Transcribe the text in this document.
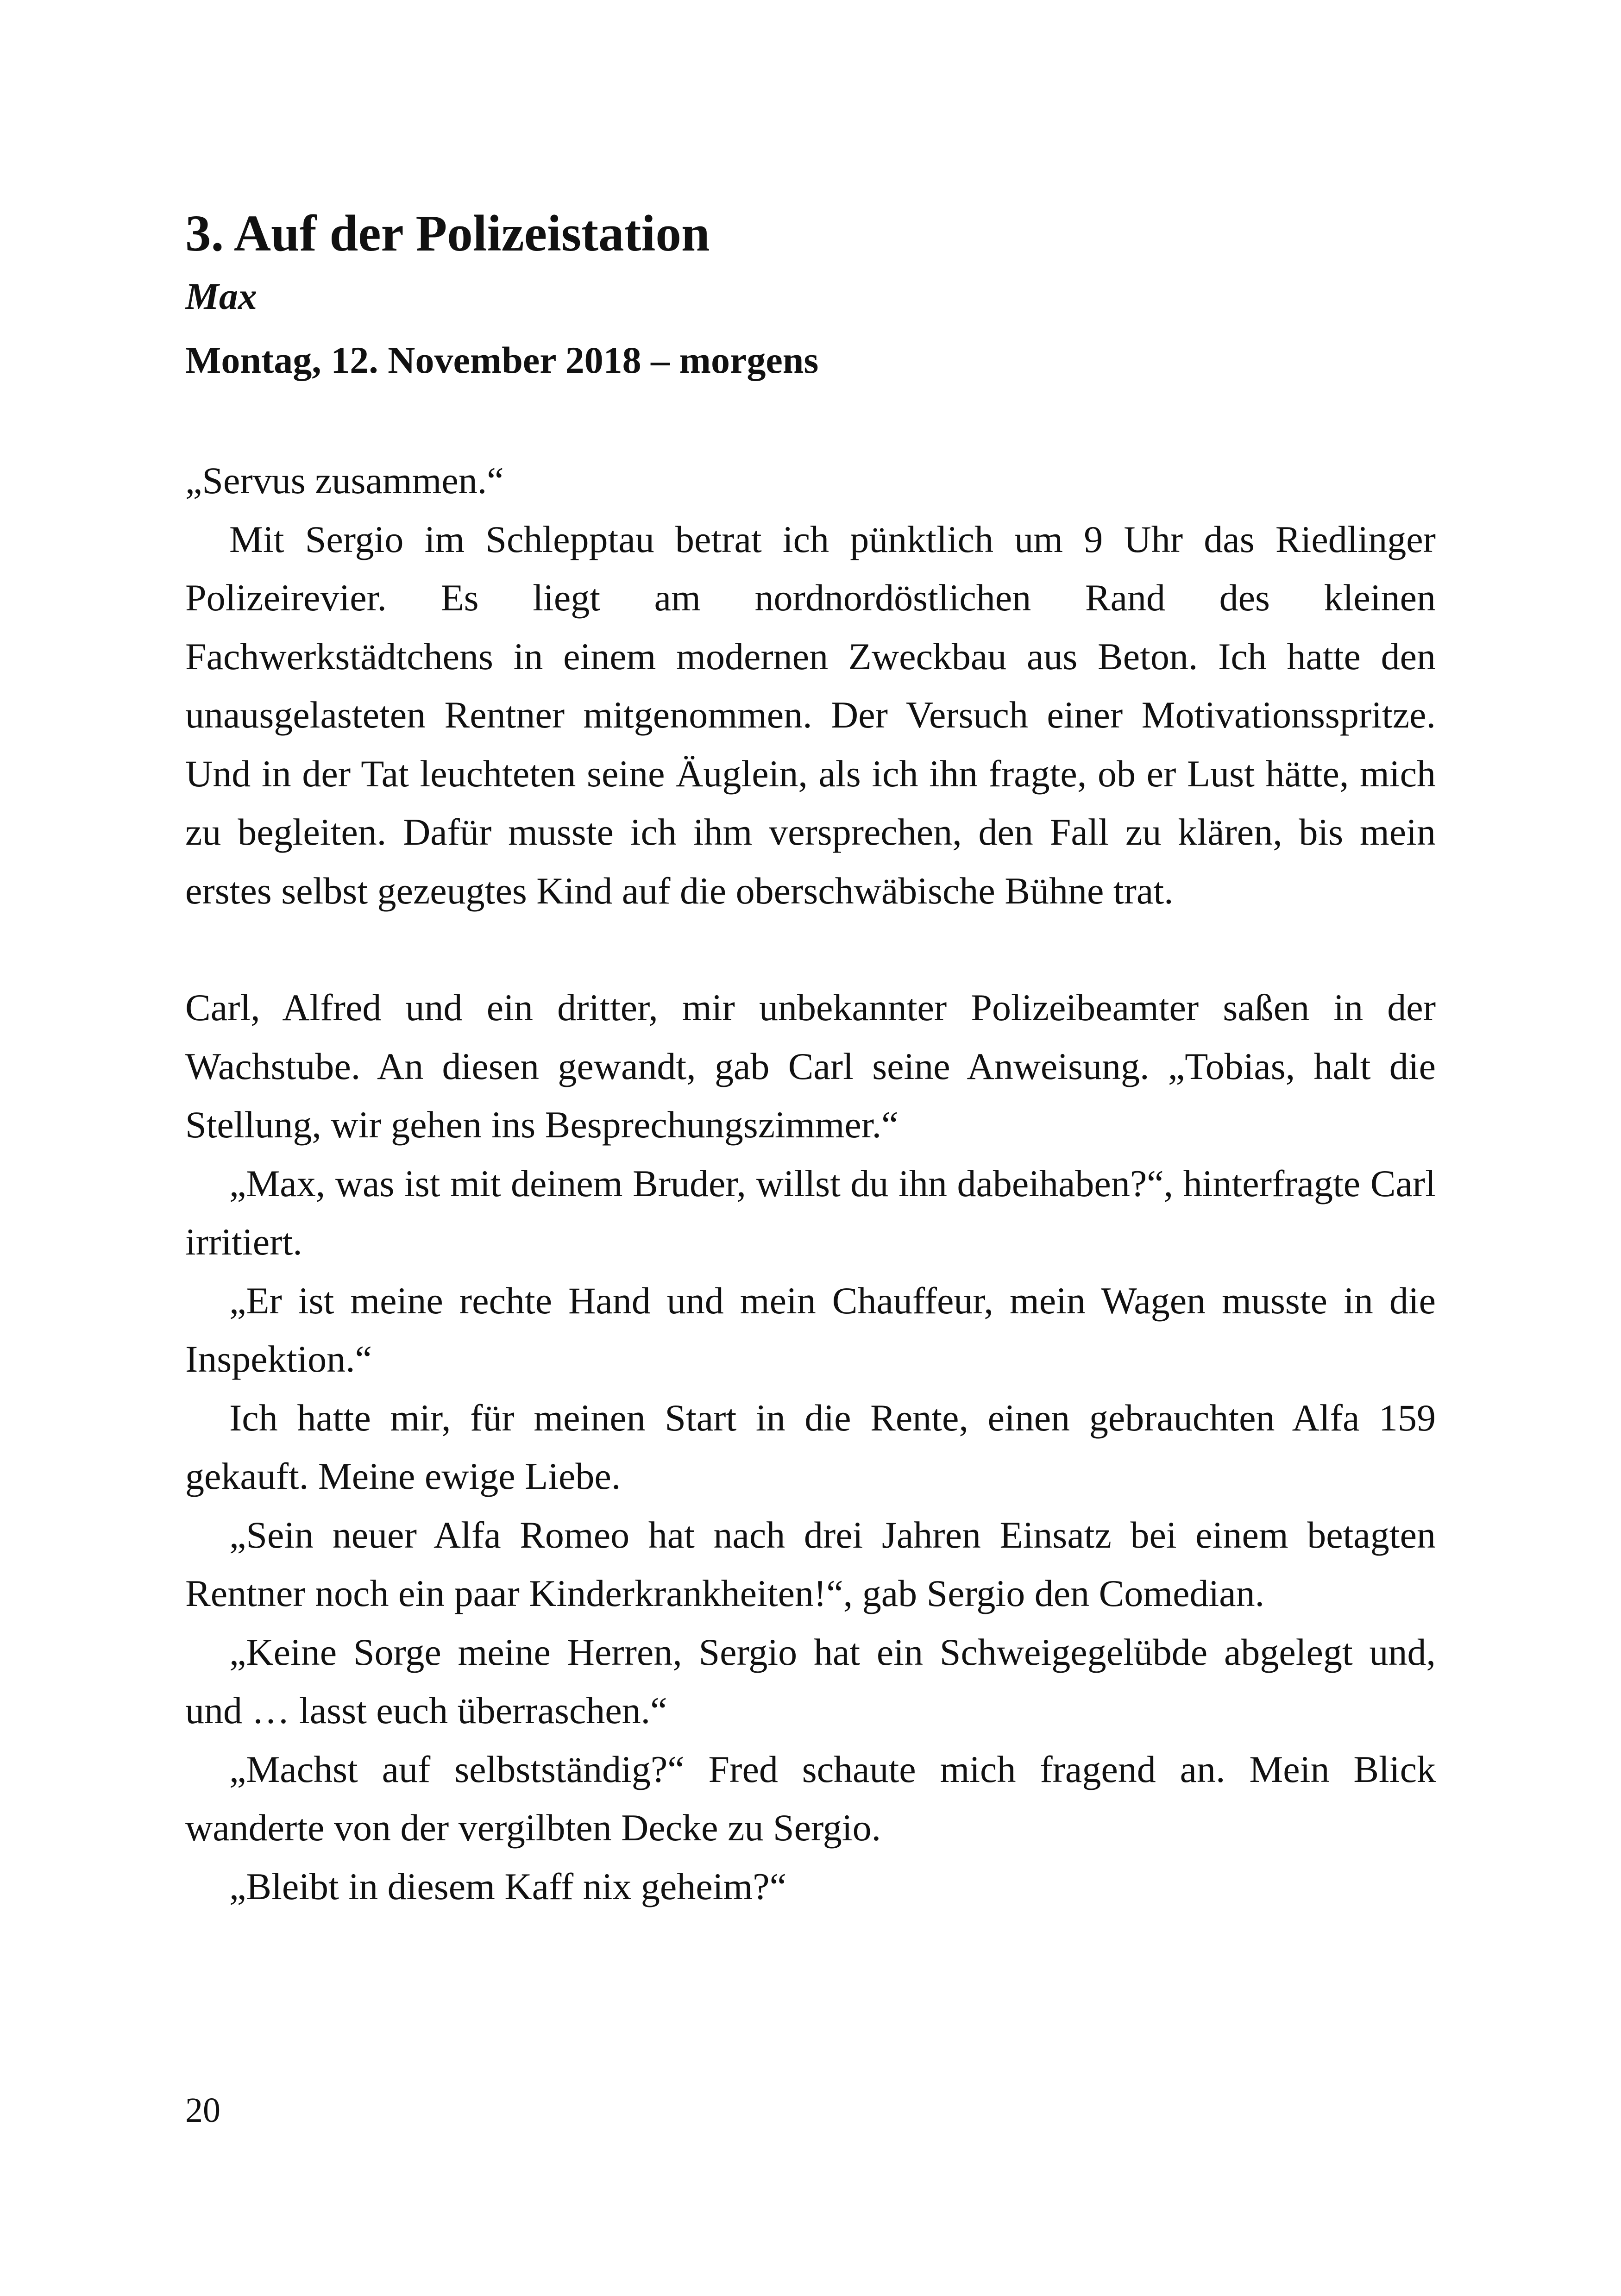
3. Auf der Polizeistation
Max
Montag, 12. November 2018 – morgens

„Servus zusammen.“

Mit Sergio im Schlepptau betrat ich pünktlich um 9 Uhr das Riedlinger Polizeirevier. Es liegt am nordnordöstlichen Rand des kleinen Fachwerkstädtchens in einem modernen Zweckbau aus Beton. Ich hatte den unausgelasteten Rentner mitgenommen. Der Versuch einer Motivationsspritze. Und in der Tat leuchteten seine Äuglein, als ich ihn fragte, ob er Lust hätte, mich zu begleiten. Dafür musste ich ihm versprechen, den Fall zu klären, bis mein erstes selbst gezeugtes Kind auf die oberschwäbische Bühne trat.

Carl, Alfred und ein dritter, mir unbekannter Polizeibeamter saßen in der Wachstube. An diesen gewandt, gab Carl seine Anweisung. „Tobias, halt die Stellung, wir gehen ins Besprechungszimmer.“

„Max, was ist mit deinem Bruder, willst du ihn dabeihaben?“, hinterfragte Carl irritiert.

„Er ist meine rechte Hand und mein Chauffeur, mein Wagen musste in die Inspektion.“

Ich hatte mir, für meinen Start in die Rente, einen gebrauchten Alfa 159 gekauft. Meine ewige Liebe.

„Sein neuer Alfa Romeo hat nach drei Jahren Einsatz bei einem betagten Rentner noch ein paar Kinderkrankheiten!“, gab Sergio den Comedian.

„Keine Sorge meine Herren, Sergio hat ein Schweigegelübde abgelegt und, und … lasst euch überraschen.“

„Machst auf selbstständig?“ Fred schaute mich fragend an. Mein Blick wanderte von der vergilbten Decke zu Sergio.

„Bleibt in diesem Kaff nix geheim?“

20
